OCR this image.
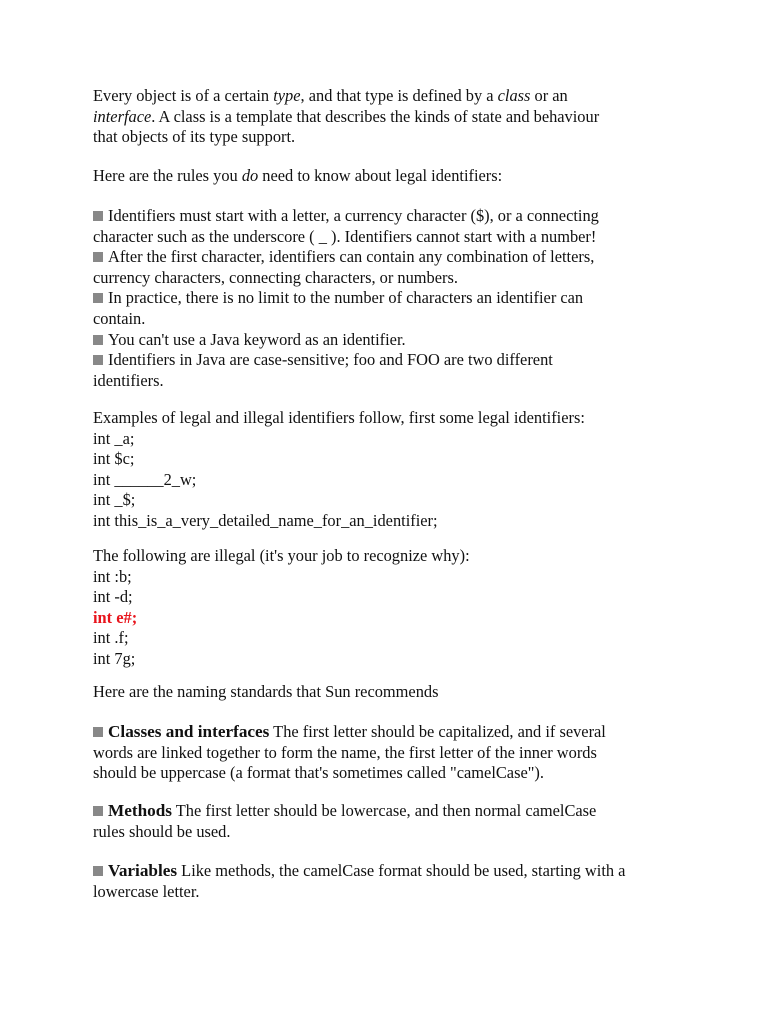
Every object is of a certain type, and that type is defined by a class or an
interface. A class is a template that describes the kinds of state and behaviour
that objects of its type support.
Here are the rules you do need to know about legal identifiers:
Identifiers must start with a letter, a currency character ($), or a connecting
character such as the underscore ( _ ). Identifiers cannot start with a number!
After the first character, identifiers can contain any combination of letters,
currency characters, connecting characters, or numbers.
In practice, there is no limit to the number of characters an identifier can
contain.
You can't use a Java keyword as an identifier.
Identifiers in Java are case-sensitive; foo and FOO are two different
identifiers.
Examples of legal and illegal identifiers follow, first some legal identifiers:
int _a;
int $c;
int ______2_w;
int _$;
int this_is_a_very_detailed_name_for_an_identifier;
The following are illegal (it's your job to recognize why):
int :b;
int -d;
int e#;
int .f;
int 7g;
Here are the naming standards that Sun recommends
Classes and interfaces The first letter should be capitalized, and if several
words are linked together to form the name, the first letter of the inner words
should be uppercase (a format that's sometimes called "camelCase").
Methods The first letter should be lowercase, and then normal camelCase
rules should be used.
Variables Like methods, the camelCase format should be used, starting with a
lowercase letter.
